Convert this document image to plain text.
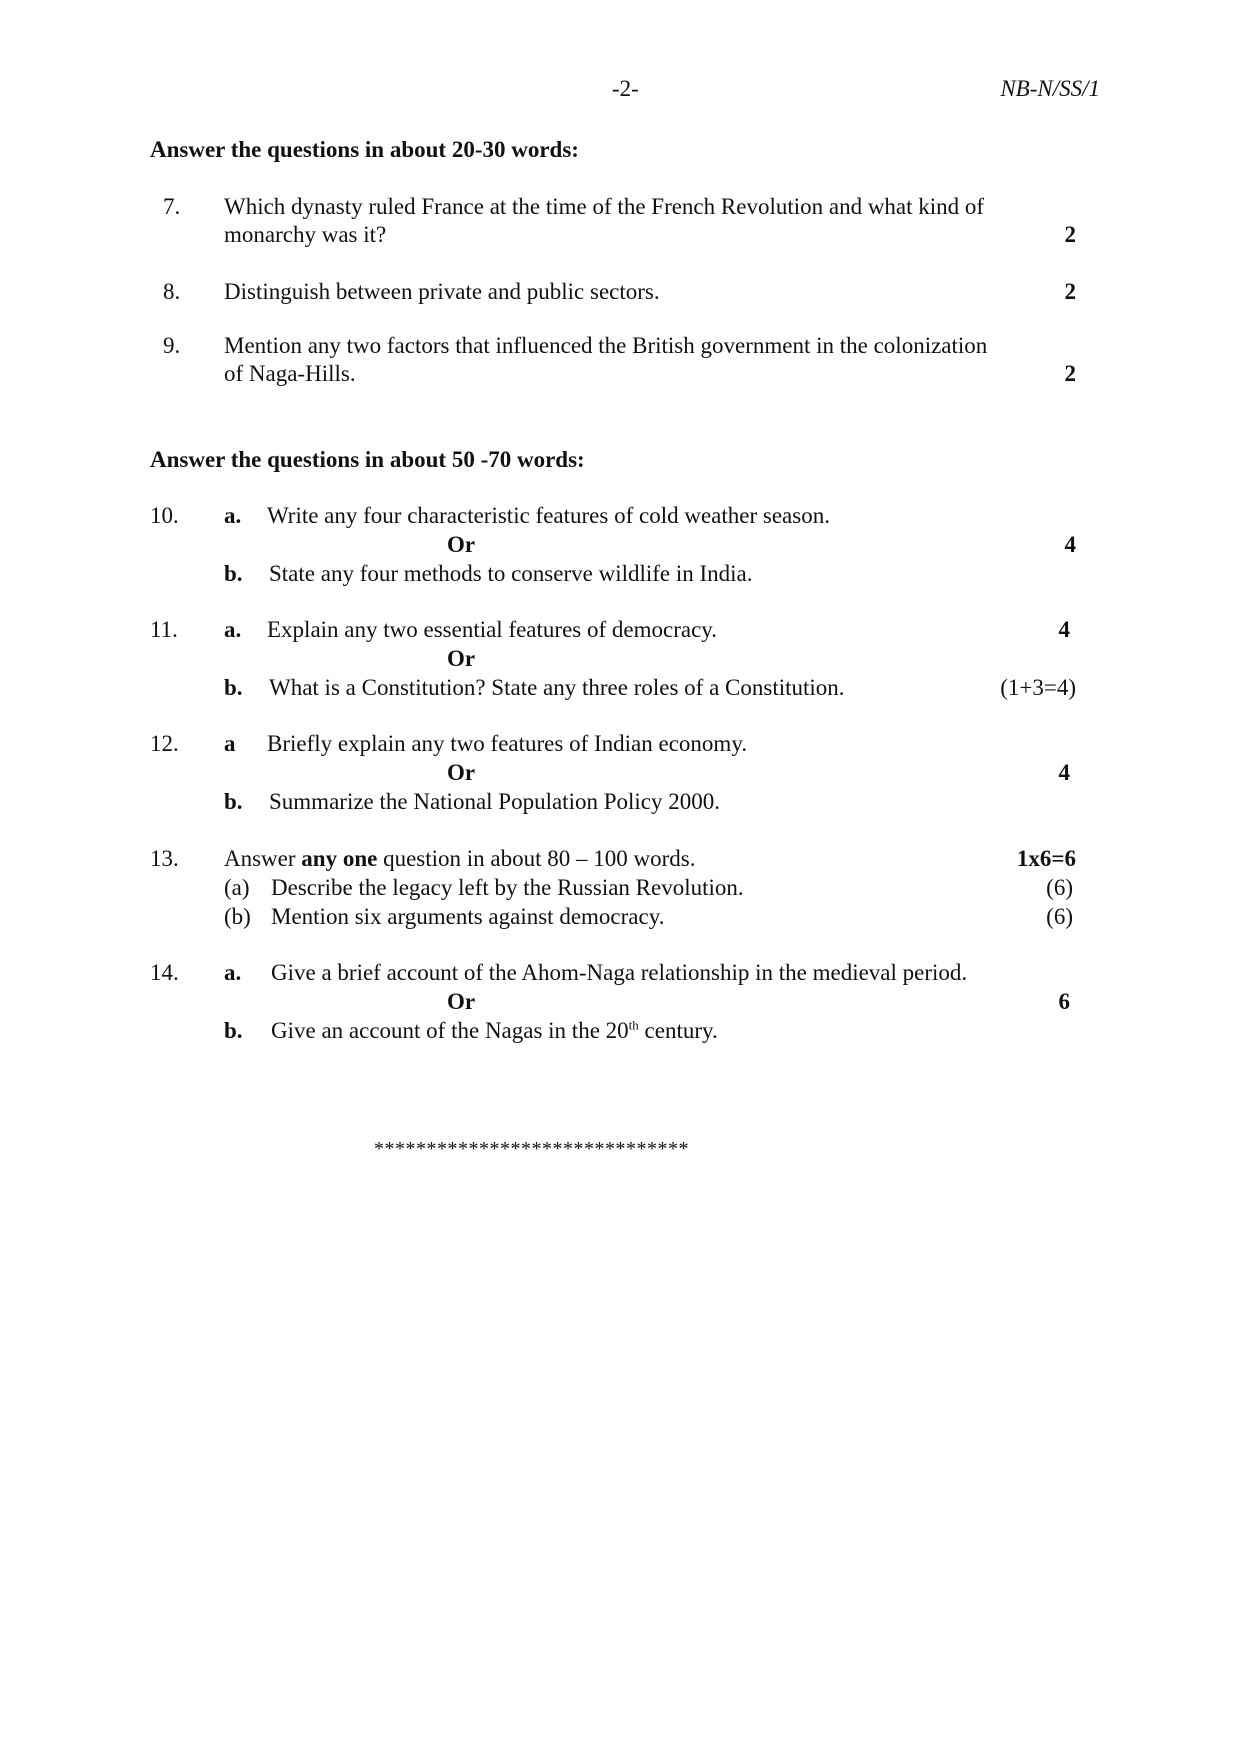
-2-	NB-N/SS/1
Answer the questions in about 20-30 words:
7. Which dynasty ruled France at the time of the French Revolution and what kind of
monarchy was it?	2
8. Distinguish between private and public sectors.	2
9. Mention any two factors that influenced the British government in the colonization
of Naga-Hills.	2
Answer the questions in about 50 -70 words:
10. a. Write any four characteristic features of cold weather season.
Or	4
b. State any four methods to conserve wildlife in India.
11. a. Explain any two essential features of democracy.	4
Or
b. What is a Constitution? State any three roles of a Constitution.	(1+3=4)
12. a Briefly explain any two features of Indian economy.
Or	4
b. Summarize the National Population Policy 2000.
13. Answer any one question in about 80 – 100 words.	1x6=6
(a) Describe the legacy left by the Russian Revolution.	(6)
(b) Mention six arguments against democracy.	(6)
14. a. Give a brief account of the Ahom-Naga relationship in the medieval period.
Or	6
b. Give an account of the Nagas in the 20th century.
******************************
